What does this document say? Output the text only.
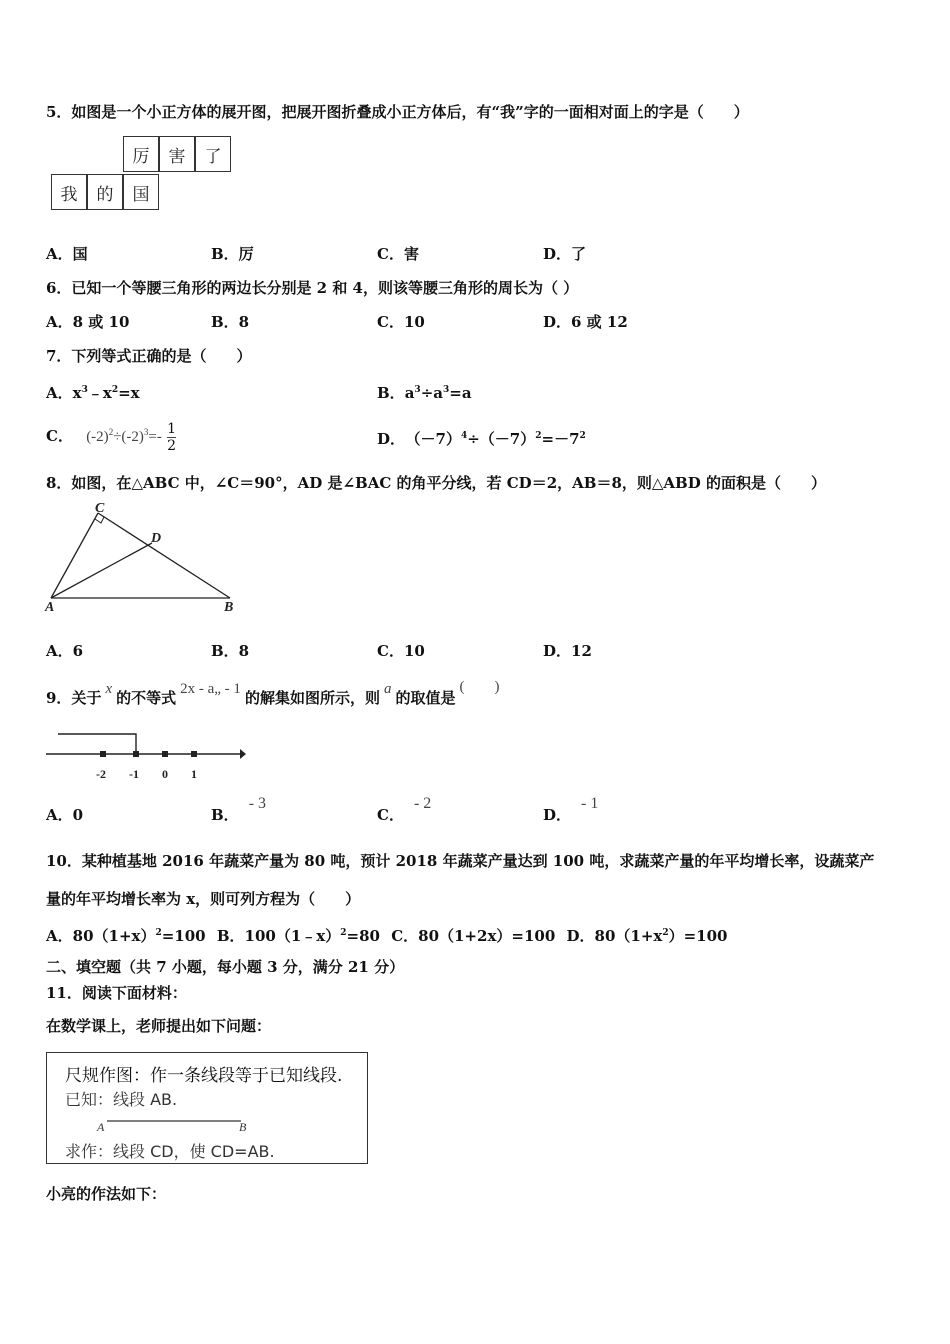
5．如图是一个小正方体的展开图，把展开图折叠成小正方体后，有“我”字的一面相对面上的字是（　　）
厉	害	了
我	的	国
A．国	B．厉	C．害	D．了
6．已知一个等腰三角形的两边长分别是 2 和 4，则该等腰三角形的周长为（ ）
A．8 或 10	B．8	C．10	D．6 或 12
7．下列等式正确的是（　　）
A．$x^3﹣x^2=x$	B．$a^3\div a^3=a$
C． $(-2)^2\div(-2)^3=- \frac{1}{2}$	D． $(-7)^4\div(-7)^2=-7^2$
8．如图，在△ABC 中，∠C＝90°，AD 是∠BAC 的角平分线，若 CD＝2，AB＝8，则△ABD 的面积是（　　）
A	B
C
D
A．6	B．8	C．10	D．12
9．关于 x 的不等式 2x - a„ - 1 的解集如图所示，则 a 的取值是(　　)
-2 -1 0 1
A．0	B．- 3
C．- 2
D．- 1
10．某种植基地 2016 年蔬菜产量为 80 吨，预计 2018 年蔬菜产量达到 100 吨，求蔬菜产量的年平均增长率，设蔬菜产
量的年平均增长率为 x，则可列方程为（　　）
A．$80(1+x)^2=100$ B．100（1﹣x）$^2$=80 C．80（1+2x）=100 D．$80(1+x^2)=100$
二、填空题（共 7 小题，每小题 3 分，满分 21 分）
11．阅读下面材料：
在数学课上，老师提出如下问题：
尺规作图：作一条线段等于已知线段.
已知：线段 AB.
A	B
求作：线段 CD，使 CD=AB.
小亮的作法如下：
